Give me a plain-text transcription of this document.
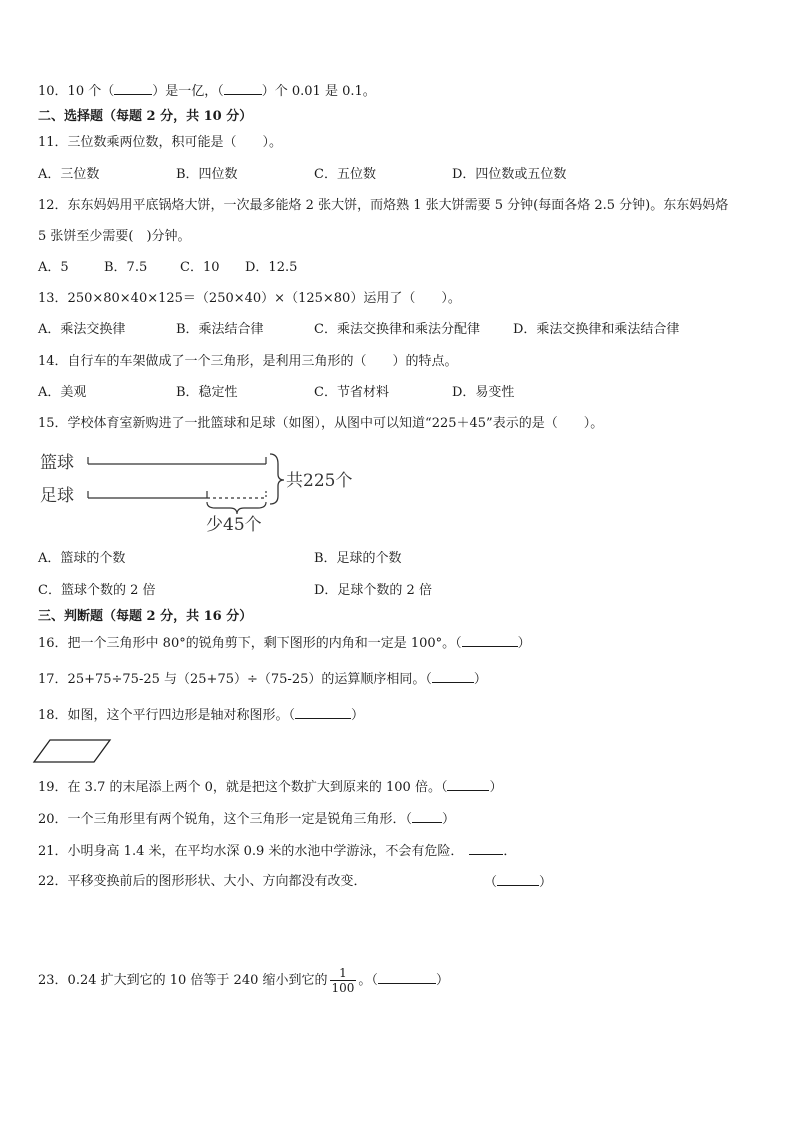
10．10 个（	）是一亿，（	）个 0.01 是 0.1。
二、选择题（每题 2 分，共 10 分）
11．三位数乘两位数，积可能是（　　）。
A．三位数	B．四位数	C．五位数	D．四位数或五位数
12．东东妈妈用平底锅烙大饼，一次最多能烙 2 张大饼，而烙熟 1 张大饼需要 5 分钟(每面各烙 2.5 分钟)。东东妈妈烙
5 张饼至少需要(　)分钟。
A．5	B．7.5	C．10 D．12.5
13．250×80×40×125＝（250×40）×（125×80）运用了（　　）。
A．乘法交换律	B．乘法结合律	C．乘法交换律和乘法分配律	D．乘法交换律和乘法结合律
14．自行车的车架做成了一个三角形，是利用三角形的（　　）的特点。
A．美观	B．稳定性	C．节省材料	D．易变性
15．学校体育室新购进了一批篮球和足球（如图），从图中可以知道“225＋45”表示的是（　　）。
篮球
足球
共225个
少45个
A．篮球的个数	B．足球的个数
C．篮球个数的 2 倍	D．足球个数的 2 倍
三、判断题（每题 2 分，共 16 分）
16．把一个三角形中 80°的锐角剪下，剩下图形的内角和一定是 100°。（	）
17．25+75÷75-25 与（25+75）÷（75-25）的运算顺序相同。（	）
18．如图，这个平行四边形是轴对称图形。（	）
19．在 3.7 的末尾添上两个 0，就是把这个数扩大到原来的 100 倍。（	）
20．一个三角形里有两个锐角，这个三角形一定是锐角三角形．（ ）
21．小明身高 1.4 米，在平均水深 0.9 米的水池中学游泳，不会有危险．	．
22．平移变换前后的图形形状、大小、方向都没有改变．	（	）
23．0.24 扩大到它的 10 倍等于 240 缩小到它的 $\frac{1}{100}$ 。（	）
